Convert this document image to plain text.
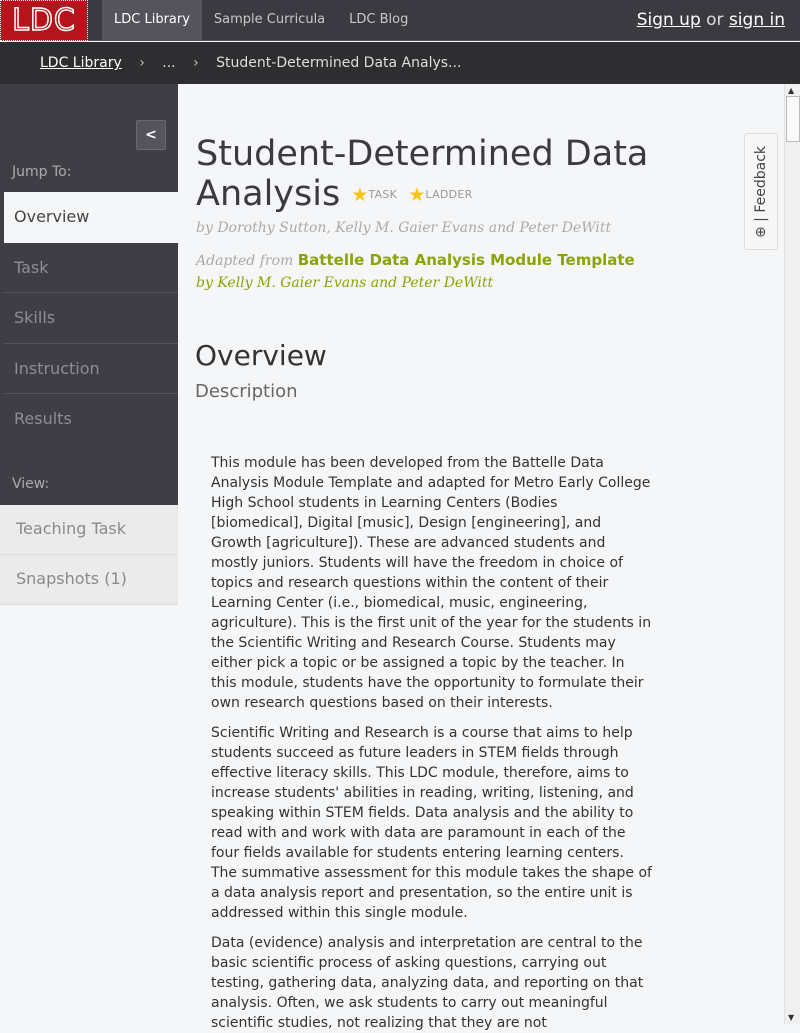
LDC	LDC Library	Sample Curricula	LDC Blog	Sign up or sign in
LDC Library › ... › Student-Determined Data Analys...
<
Jump To:
Overview
Task
Skills
Instruction
Results
View:
Teaching Task
Snapshots (1)
Student-Determined Data Analysis ★TASK ★LADDER
by Dorothy Sutton, Kelly M. Gaier Evans and Peter DeWitt
Adapted from Battelle Data Analysis Module Template
by Kelly M. Gaier Evans and Peter DeWitt
Overview
Description

This module has been developed from the Battelle Data
Analysis Module Template and adapted for Metro Early College
High School students in Learning Centers (Bodies
[biomedical], Digital [music], Design [engineering], and
Growth [agriculture]). These are advanced students and
mostly juniors. Students will have the freedom in choice of
topics and research questions within the content of their
Learning Center (i.e., biomedical, music, engineering,
agriculture). This is the first unit of the year for the students in
the Scientific Writing and Research Course. Students may
either pick a topic or be assigned a topic by the teacher. In
this module, students have the opportunity to formulate their
own research questions based on their interests.

Scientific Writing and Research is a course that aims to help
students succeed as future leaders in STEM fields through
effective literacy skills. This LDC module, therefore, aims to
increase students' abilities in reading, writing, listening, and
speaking within STEM fields. Data analysis and the ability to
read with and work with data are paramount in each of the
four fields available for students entering learning centers.
The summative assessment for this module takes the shape of
a data analysis report and presentation, so the entire unit is
addressed within this single module.

Data (evidence) analysis and interpretation are central to the
basic scientific process of asking questions, carrying out
testing, gathering data, analyzing data, and reporting on that
analysis. Often, we ask students to carry out meaningful
scientific studies, not realizing that they are not

⊕ | Feedback
▲
▼
